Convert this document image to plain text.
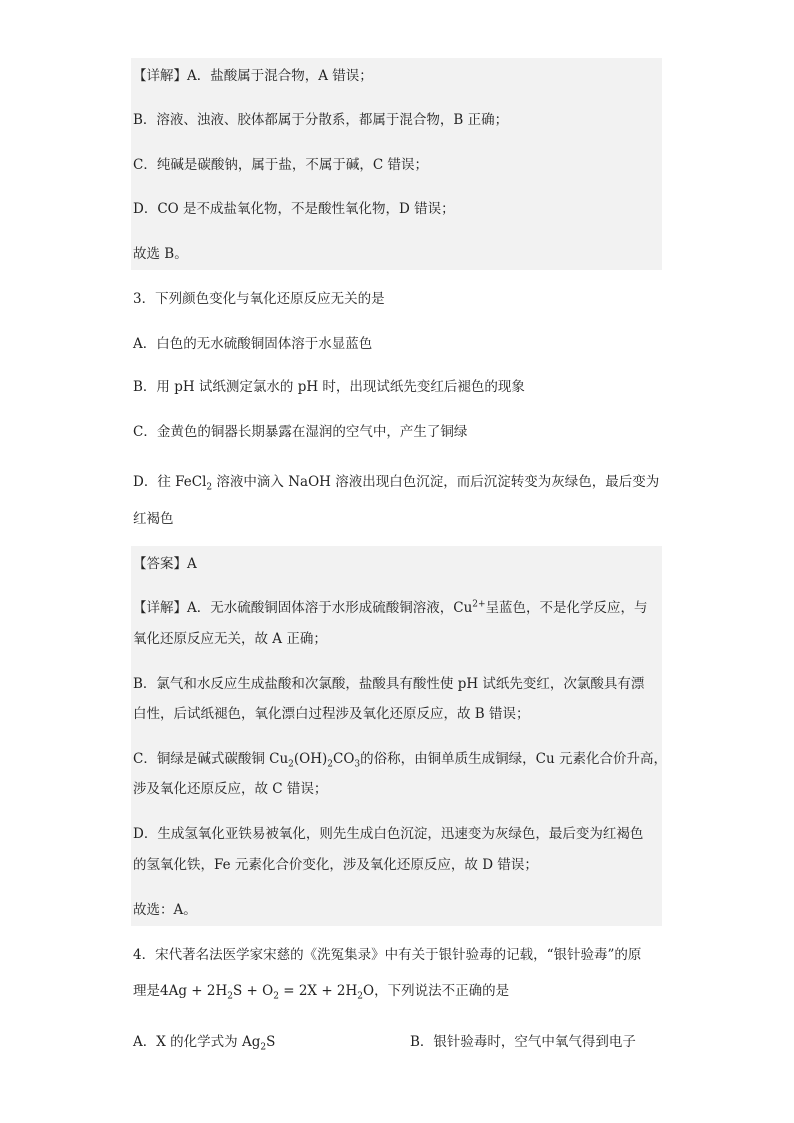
【详解】A．盐酸属于混合物，A 错误；
B．溶液、浊液、胶体都属于分散系，都属于混合物，B 正确；
C．纯碱是碳酸钠，属于盐，不属于碱，C 错误；
D．CO 是不成盐氧化物，不是酸性氧化物，D 错误；
故选 B。
3．下列颜色变化与氧化还原反应无关的是
A．白色的无水硫酸铜固体溶于水显蓝色
B．用 pH 试纸测定氯水的 pH 时，出现试纸先变红后褪色的现象
C．金黄色的铜器长期暴露在湿润的空气中，产生了铜绿
D．往 FeCl$_2$ 溶液中滴入 NaOH 溶液出现白色沉淀，而后沉淀转变为灰绿色，最后变为
红褐色
【答案】A
【详解】A．无水硫酸铜固体溶于水形成硫酸铜溶液，$Cu^{2+}$呈蓝色，不是化学反应，与
氧化还原反应无关，故 A 正确；
B．氯气和水反应生成盐酸和次氯酸，盐酸具有酸性使 pH 试纸先变红，次氯酸具有漂
白性，后试纸褪色，氧化漂白过程涉及氧化还原反应，故 B 错误；
C．铜绿是碱式碳酸铜 $Cu_2(OH)_2CO_3$的俗称，由铜单质生成铜绿，Cu 元素化合价升高，
涉及氧化还原反应，故 C 错误；
D．生成氢氧化亚铁易被氧化，则先生成白色沉淀，迅速变为灰绿色，最后变为红褐色
的氢氧化铁，Fe 元素化合价变化，涉及氧化还原反应，故 D 错误；
故选：A。
4．宋代著名法医学家宋慈的《洗冤集录》中有关于银针验毒的记载，“银针验毒”的原
理是$4Ag + 2H_2S + O_2 = 2X + 2H_2O$，下列说法不正确的是
A．X 的化学式为 $Ag_2S$	B．银针验毒时，空气中氧气得到电子
